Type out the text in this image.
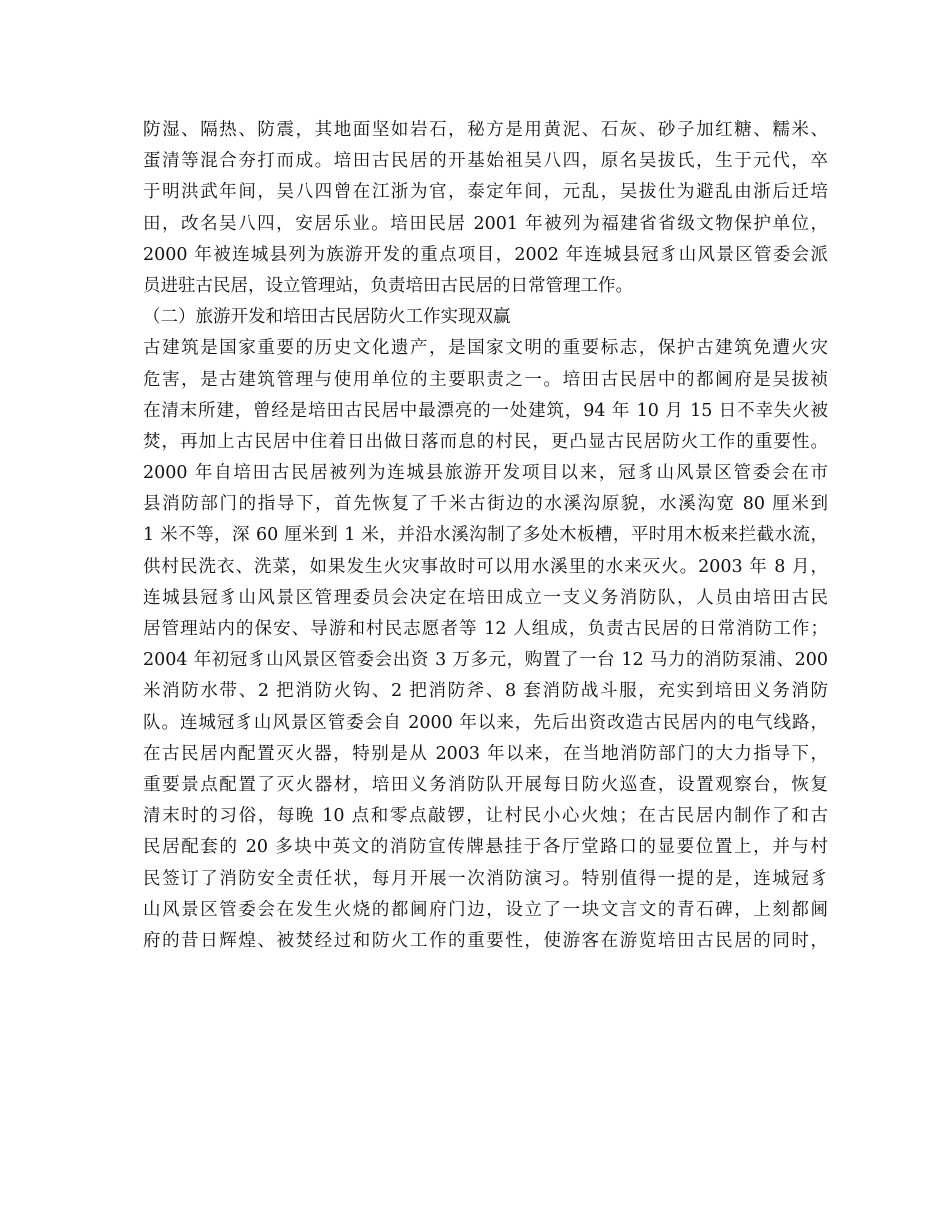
防湿、隔热、防震，其地面坚如岩石，秘方是用黄泥、石灰、砂子加红糖、糯米、
蛋清等混合夯打而成。培田古民居的开基始祖吴八四，原名吴拔氏，生于元代，卒
于明洪武年间，吴八四曾在江浙为官，泰定年间，元乱，吴拔仕为避乱由浙后迁培
田，改名吴八四，安居乐业。培田民居 2001 年被列为福建省省级文物保护单位，
2000 年被连城县列为族游开发的重点项目，2002 年连城县冠豸山风景区管委会派
员进驻古民居，设立管理站，负责培田古民居的日常管理工作。
（二）旅游开发和培田古民居防火工作实现双赢
古建筑是国家重要的历史文化遗产，是国家文明的重要标志，保护古建筑免遭火灾
危害，是古建筑管理与使用单位的主要职责之一。培田古民居中的都阃府是吴拔祯
在清末所建，曾经是培田古民居中最漂亮的一处建筑，94 年 10 月 15 日不幸失火被
焚，再加上古民居中住着日出做日落而息的村民，更凸显古民居防火工作的重要性。
2000 年自培田古民居被列为连城县旅游开发项目以来，冠豸山风景区管委会在市
县消防部门的指导下，首先恢复了千米古街边的水溪沟原貌，水溪沟宽 80 厘米到
1 米不等，深 60 厘米到 1 米，并沿水溪沟制了多处木板槽，平时用木板来拦截水流，
供村民洗衣、洗菜，如果发生火灾事故时可以用水溪里的水来灭火。2003 年 8 月，
连城县冠豸山风景区管理委员会决定在培田成立一支义务消防队，人员由培田古民
居管理站内的保安、导游和村民志愿者等 12 人组成，负责古民居的日常消防工作；
2004 年初冠豸山风景区管委会出资 3 万多元，购置了一台 12 马力的消防泵浦、200
米消防水带、2 把消防火钩、2 把消防斧、8 套消防战斗服，充实到培田义务消防
队。连城冠豸山风景区管委会自 2000 年以来，先后出资改造古民居内的电气线路，
在古民居内配置灭火器，特别是从 2003 年以来，在当地消防部门的大力指导下，
重要景点配置了灭火器材，培田义务消防队开展每日防火巡查，设置观察台，恢复
清末时的习俗，每晚 10 点和零点敲锣，让村民小心火烛；在古民居内制作了和古
民居配套的 20 多块中英文的消防宣传牌悬挂于各厅堂路口的显要位置上，并与村
民签订了消防安全责任状，每月开展一次消防演习。特别值得一提的是，连城冠豸
山风景区管委会在发生火烧的都阃府门边，设立了一块文言文的青石碑，上刻都阃
府的昔日辉煌、被焚经过和防火工作的重要性，使游客在游览培田古民居的同时，
